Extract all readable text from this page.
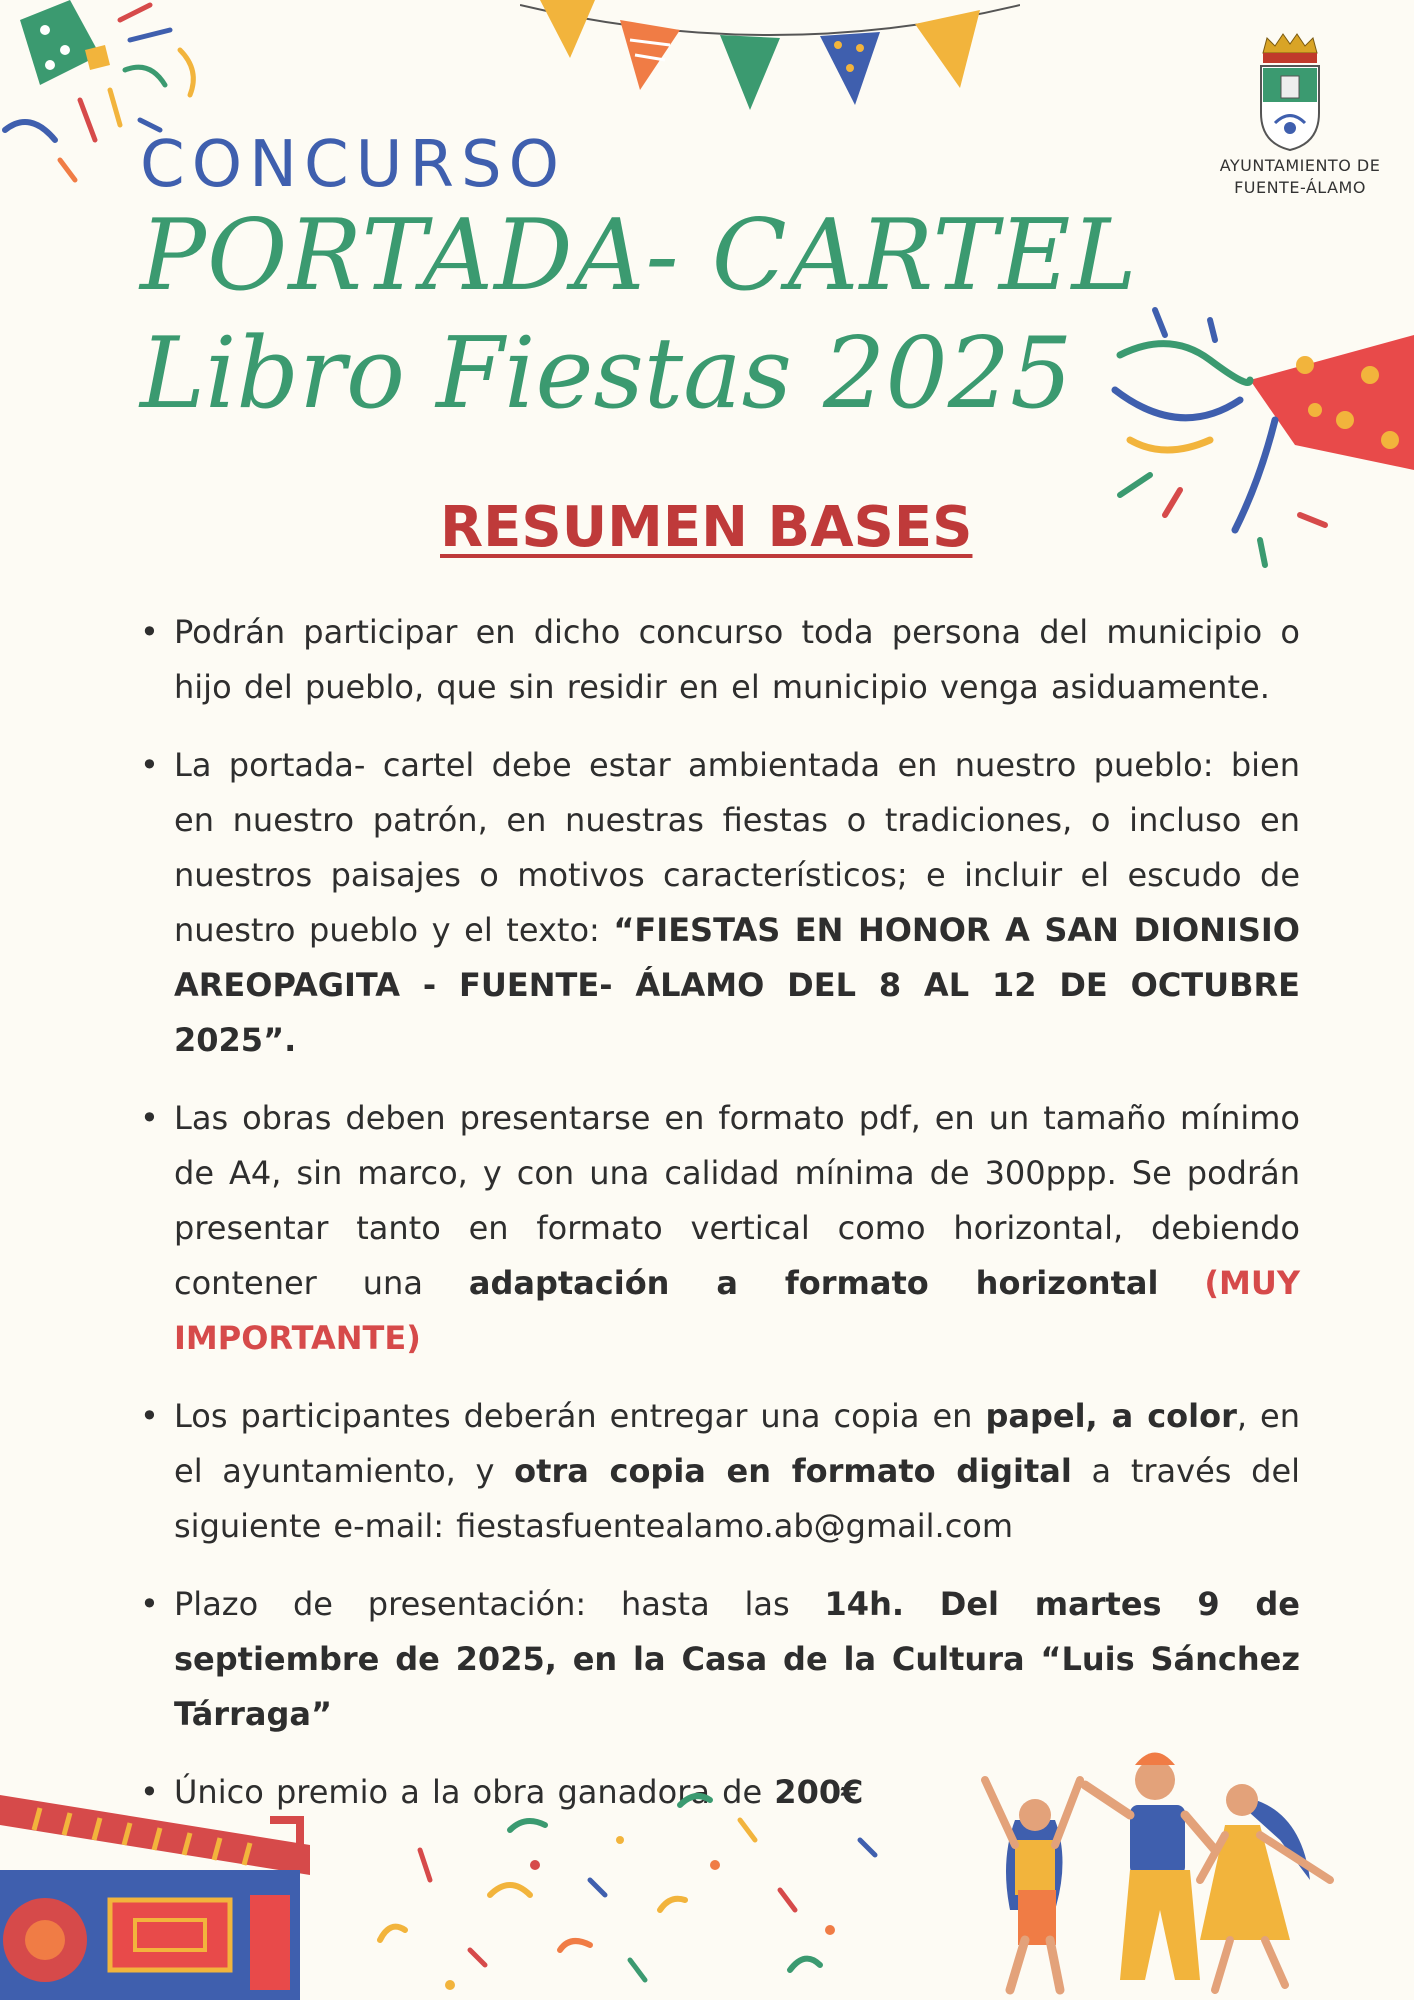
AYUNTAMIENTO DE
FUENTE-ÁLAMO
CONCURSO
PORTADA- CARTEL
Libro Fiestas 2025
RESUMEN BASES
• Podrán participar en dicho concurso toda persona del municipio o hijo del pueblo, que sin residir en el municipio venga asiduamente.
• La portada- cartel debe estar ambientada en nuestro pueblo: bien en nuestro patrón, en nuestras fiestas o tradiciones, o incluso en nuestros paisajes o motivos característicos; e incluir el escudo de nuestro pueblo y el texto: “FIESTAS EN HONOR A SAN DIONISIO AREOPAGITA - FUENTE- ÁLAMO DEL 8 AL 12 DE OCTUBRE 2025”.
• Las obras deben presentarse en formato pdf, en un tamaño mínimo de A4, sin marco, y con una calidad mínima de 300ppp. Se podrán presentar tanto en formato vertical como horizontal, debiendo contener una adaptación a formato horizontal (MUY IMPORTANTE)
• Los participantes deberán entregar una copia en papel, a color, en el ayuntamiento, y otra copia en formato digital a través del siguiente e-mail: fiestasfuentealamo.ab@gmail.com
• Plazo de presentación: hasta las 14h. Del martes 9 de septiembre de 2025, en la Casa de la Cultura “Luis Sánchez Tárraga”
• Único premio a la obra ganadora de 200€
